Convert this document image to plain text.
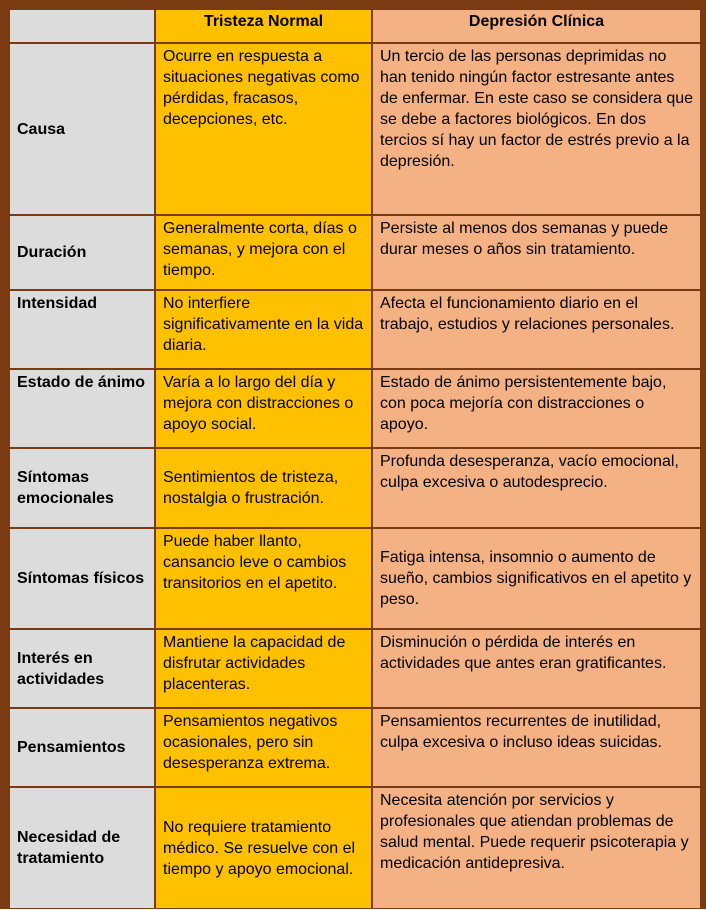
	Tristeza Normal	Depresión Clínica
Causa	Ocurre en respuesta a situaciones negativas como pérdidas, fracasos, decepciones, etc.	Un tercio de las personas deprimidas no han tenido ningún factor estresante antes de enfermar. En este caso se considera que se debe a factores biológicos. En dos tercios sí hay un factor de estrés previo a la depresión.
Duración	Generalmente corta, días o semanas, y mejora con el tiempo.	Persiste al menos dos semanas y puede durar meses o años sin tratamiento.
Intensidad	No interfiere significativamente en la vida diaria.	Afecta el funcionamiento diario en el trabajo, estudios y relaciones personales.
Estado de ánimo	Varía a lo largo del día y mejora con distracciones o apoyo social.	Estado de ánimo persistentemente bajo, con poca mejoría con distracciones o apoyo.
Síntomas emocionales	Sentimientos de tristeza, nostalgia o frustración.	Profunda desesperanza, vacío emocional, culpa excesiva o autodesprecio.
Síntomas físicos	Puede haber llanto, cansancio leve o cambios transitorios en el apetito.	Fatiga intensa, insomnio o aumento de sueño, cambios significativos en el apetito y peso.
Interés en actividades	Mantiene la capacidad de disfrutar actividades placenteras.	Disminución o pérdida de interés en actividades que antes eran gratificantes.
Pensamientos	Pensamientos negativos ocasionales, pero sin desesperanza extrema.	Pensamientos recurrentes de inutilidad, culpa excesiva o incluso ideas suicidas.
Necesidad de tratamiento	No requiere tratamiento médico. Se resuelve con el tiempo y apoyo emocional.	Necesita atención por servicios y profesionales que atiendan problemas de salud mental. Puede requerir psicoterapia y medicación antidepresiva.
